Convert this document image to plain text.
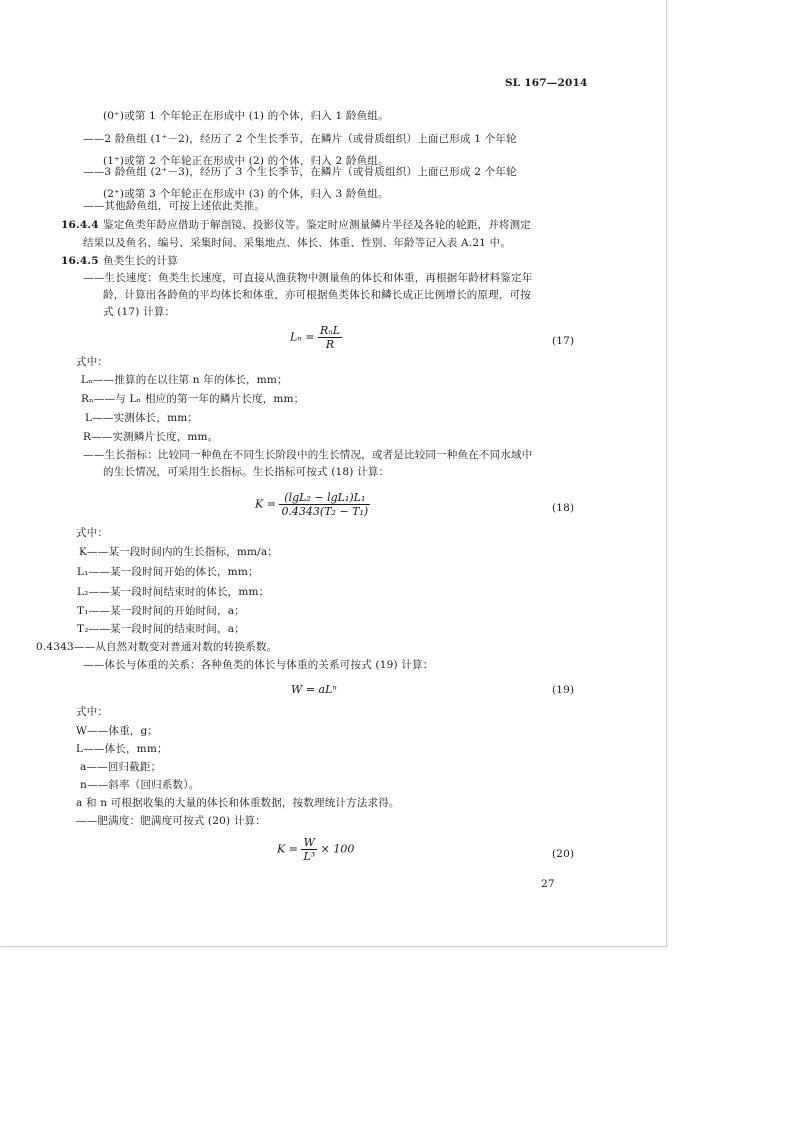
SL 167—2014
(0⁺)或第 1 个年轮正在形成中 (1) 的个体，归入 1 龄鱼组。
——2 龄鱼组 (1⁺－2)，经历了 2 个生长季节，在鳞片（或骨质组织）上面已形成 1 个年轮
(1⁺)或第 2 个年轮正在形成中 (2) 的个体，归入 2 龄鱼组。
——3 龄鱼组 (2⁺－3)，经历了 3 个生长季节，在鳞片（或骨质组织）上面已形成 2 个年轮
(2⁺)或第 3 个年轮正在形成中 (3) 的个体，归入 3 龄鱼组。
——其他龄鱼组，可按上述依此类推。
16.4.4 鉴定鱼类年龄应借助于解剖镜、投影仪等。鉴定时应测量鳞片半径及各轮的轮距，并将测定
结果以及鱼名、编号、采集时间、采集地点、体长、体重、性别、年龄等记入表 A.21 中。
16.4.5 鱼类生长的计算
——生长速度：鱼类生长速度，可直接从渔获物中测量鱼的体长和体重，再根据年龄材料鉴定年
龄，计算出各龄鱼的平均体长和体重，亦可根据鱼类体长和鳞长成正比例增长的原理，可按
式 (17) 计算：
$L_n = \frac{\text{RₙL}}{R}$	(17)
式中：
Lₙ——推算的在以往第 n 年的体长，mm；
Rₙ——与 Lₙ 相应的第一年的鳞片长度，mm；
L——实测体长，mm；
R——实测鳞片长度，mm。
——生长指标：比较同一种鱼在不同生长阶段中的生长情况，或者是比较同一种鱼在不同水域中
的生长情况，可采用生长指标。生长指标可按式 (18) 计算：
$K = \frac{\text{(lgL₂ − lgL₁)L₁}}{\text{0.4343(T₂ − T₁)}}$	(18)
式中：
K——某一段时间内的生长指标，mm/a；
L₁——某一段时间开始的体长，mm；
L₂——某一段时间结束时的体长，mm；
T₁——某一段时间的开始时间，a；
T₂——某一段时间的结束时间，a；
0.4343——从自然对数变对普通对数的转换系数。
——体长与体重的关系：各种鱼类的体长与体重的关系可按式 (19) 计算：
W = aLⁿ	(19)
式中：
W——体重，g；
L——体长，mm；
a——回归截距；
n——斜率（回归系数）。
a 和 n 可根据收集的大量的体长和体重数据，按数理统计方法求得。
——肥满度：肥满度可按式 (20) 计算：
$K = \frac{W}{\text{L³}} \times 100$	(20)
27
